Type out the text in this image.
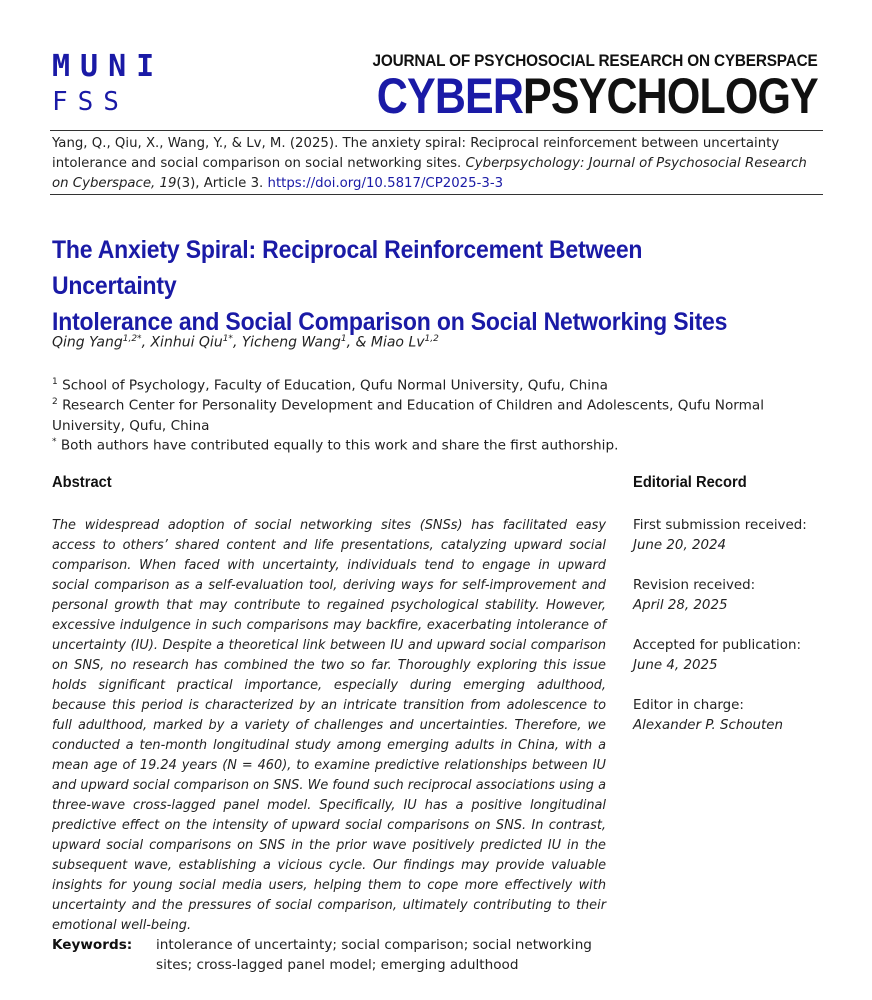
MUNI
FSS
JOURNAL OF PSYCHOSOCIAL RESEARCH ON CYBERSPACE
CYBERPSYCHOLOGY
Yang, Q., Qiu, X., Wang, Y., & Lv, M. (2025). The anxiety spiral: Reciprocal reinforcement between uncertainty intolerance and social comparison on social networking sites. Cyberpsychology: Journal of Psychosocial Research on Cyberspace, 19(3), Article 3. https://doi.org/10.5817/CP2025-3-3
The Anxiety Spiral: Reciprocal Reinforcement Between Uncertainty
Intolerance and Social Comparison on Social Networking Sites
Qing Yang$^{1,2*}$, Xinhui Qiu$^{1*}$, Yicheng Wang$^1$, & Miao Lv$^{1,2}$
$^1$ School of Psychology, Faculty of Education, Qufu Normal University, Qufu, China
$^2$ Research Center for Personality Development and Education of Children and Adolescents, Qufu Normal University, Qufu, China
* Both authors have contributed equally to this work and share the first authorship.
Abstract
The widespread adoption of social networking sites (SNSs) has facilitated easy access to others’ shared content and life presentations, catalyzing upward social comparison. When faced with uncertainty, individuals tend to engage in upward social comparison as a self-evaluation tool, deriving ways for self-improvement and personal growth that may contribute to regained psychological stability. However, excessive indulgence in such comparisons may backfire, exacerbating intolerance of uncertainty (IU). Despite a theoretical link between IU and upward social comparison on SNS, no research has combined the two so far. Thoroughly exploring this issue holds significant practical importance, especially during emerging adulthood, because this period is characterized by an intricate transition from adolescence to full adulthood, marked by a variety of challenges and uncertainties. Therefore, we conducted a ten-month longitudinal study among emerging adults in China, with a mean age of 19.24 years (N = 460), to examine predictive relationships between IU and upward social comparison on SNS. We found such reciprocal associations using a three-wave cross-lagged panel model. Specifically, IU has a positive longitudinal predictive effect on the intensity of upward social comparisons on SNS. In contrast, upward social comparisons on SNS in the prior wave positively predicted IU in the subsequent wave, establishing a vicious cycle. Our findings may provide valuable insights for young social media users, helping them to cope more effectively with uncertainty and the pressures of social comparison, ultimately contributing to their emotional well-being.
Editorial Record
First submission received:
June 20, 2024
Revision received:
April 28, 2025
Accepted for publication:
June 4, 2025
Editor in charge:
Alexander P. Schouten
Keywords: intolerance of uncertainty; social comparison; social networking sites; cross-lagged panel model; emerging adulthood
